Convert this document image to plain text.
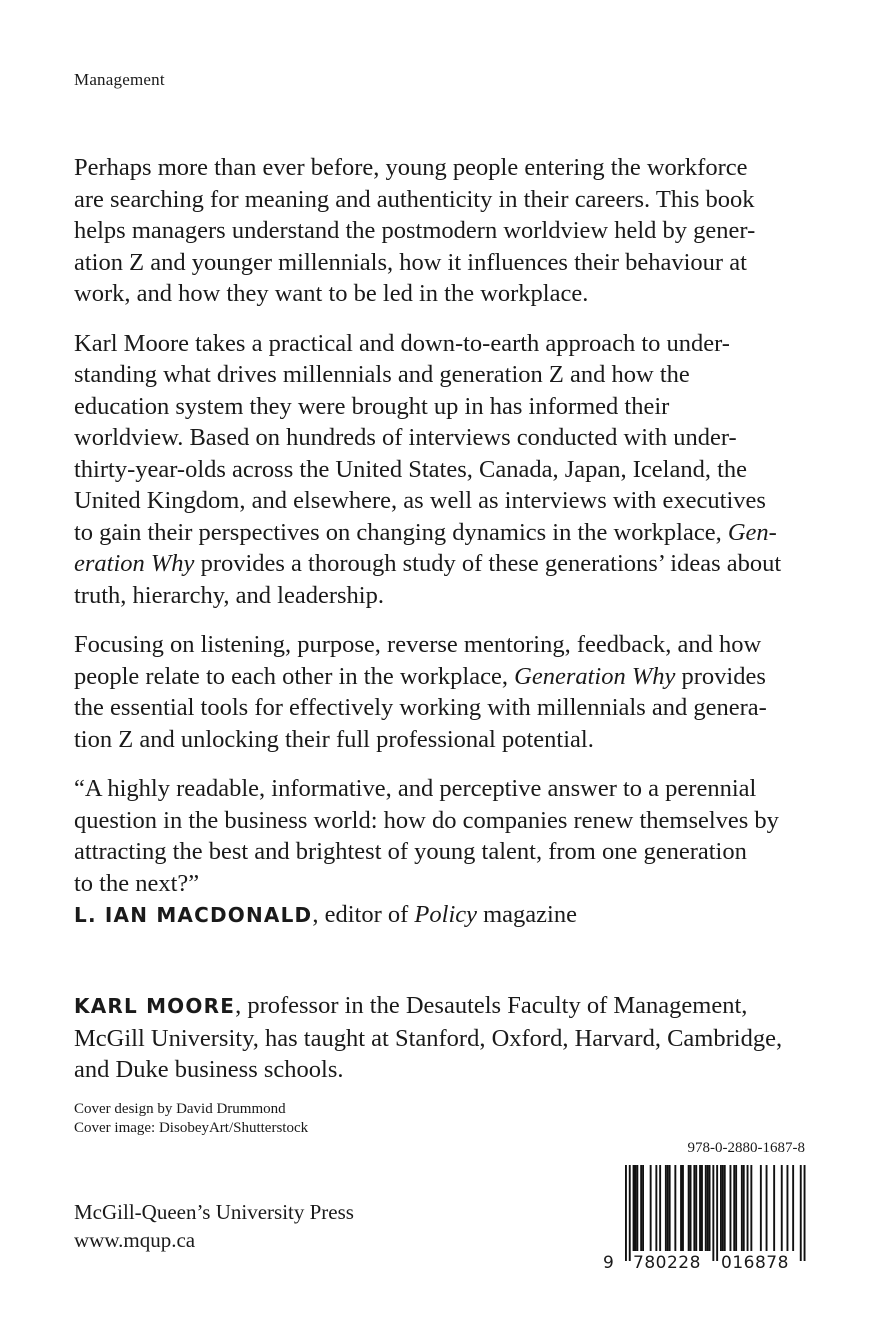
Management

Perhaps more than ever before, young people entering the workforce
are searching for meaning and authenticity in their careers. This book
helps managers understand the postmodern worldview held by gener-
ation Z and younger millennials, how it influences their behaviour at
work, and how they want to be led in the workplace.

Karl Moore takes a practical and down-to-earth approach to under-
standing what drives millennials and generation Z and how the
education system they were brought up in has informed their
worldview. Based on hundreds of interviews conducted with under-
thirty-year-olds across the United States, Canada, Japan, Iceland, the
United Kingdom, and elsewhere, as well as interviews with executives
to gain their perspectives on changing dynamics in the workplace, Gen-
eration Why provides a thorough study of these generations’ ideas about
truth, hierarchy, and leadership.

Focusing on listening, purpose, reverse mentoring, feedback, and how
people relate to each other in the workplace, Generation Why provides
the essential tools for effectively working with millennials and genera-
tion Z and unlocking their full professional potential.

“A highly readable, informative, and perceptive answer to a perennial
question in the business world: how do companies renew themselves by
attracting the best and brightest of young talent, from one generation
to the next?”
L. IAN MACDONALD, editor of Policy magazine

KARL MOORE, professor in the Desautels Faculty of Management,
McGill University, has taught at Stanford, Oxford, Harvard, Cambridge,
and Duke business schools.
Cover design by David Drummond
Cover image: DisobeyArt/Shutterstock
978-0-2880-1687-8
McGill-Queen’s University Press
www.mqup.ca
9 780228 016878
